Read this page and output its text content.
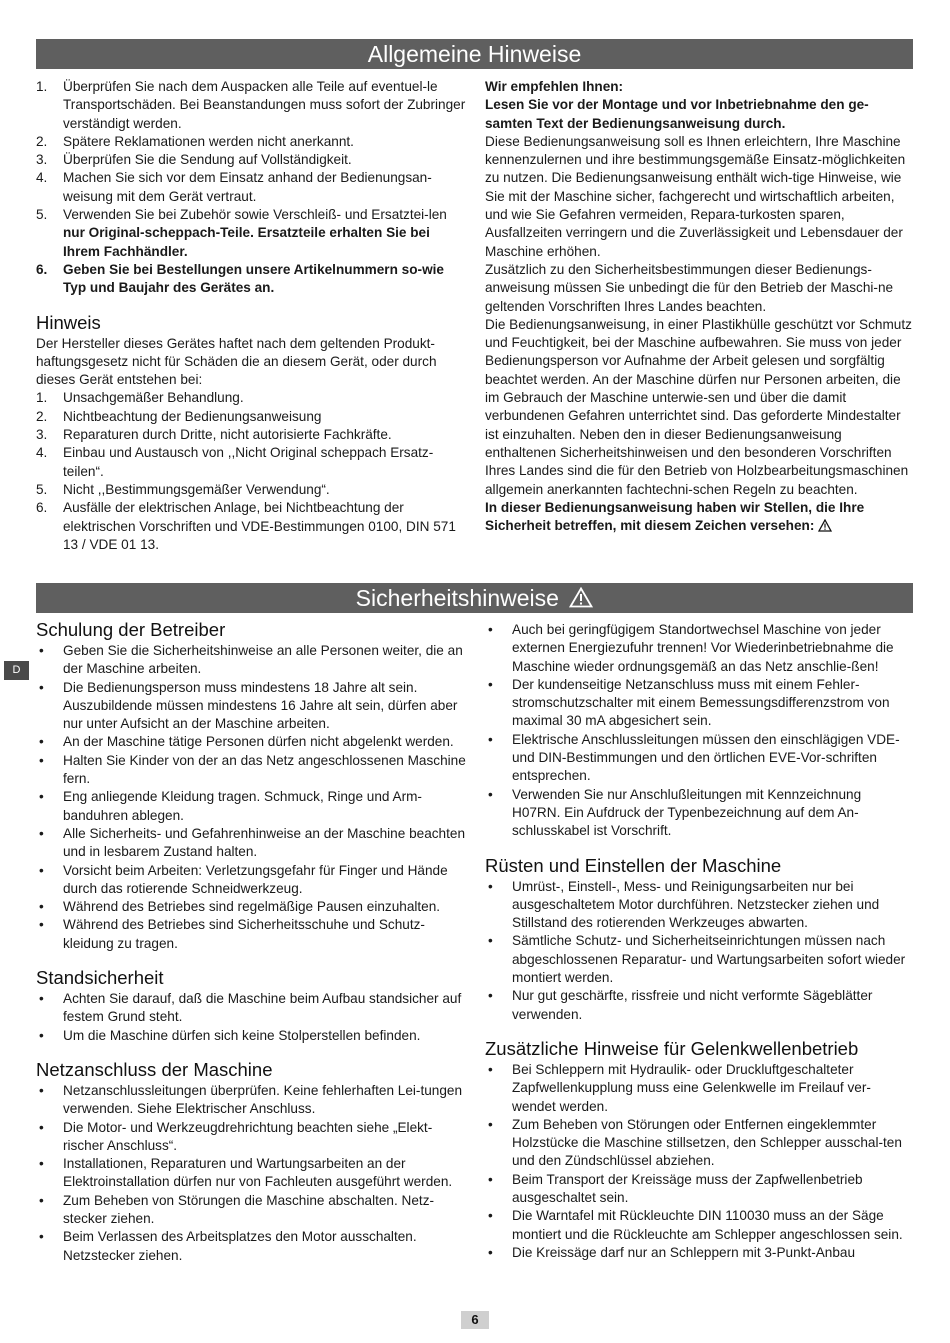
Allgemeine Hinweise
1. Überprüfen Sie nach dem Auspacken alle Teile auf eventuel-le Transportschäden. Bei Beanstandungen muss sofort der Zubringer verständigt werden.
2. Spätere Reklamationen werden nicht anerkannt.
3. Überprüfen Sie die Sendung auf Vollständigkeit.
4. Machen Sie sich vor dem Einsatz anhand der Bedienungsan-weisung mit dem Gerät vertraut.
5. Verwenden Sie bei Zubehör sowie Verschleiß- und Ersatztei-len nur Original-scheppach-Teile. Ersatzteile erhalten Sie bei Ihrem Fachhändler.
6. Geben Sie bei Bestellungen unsere Artikelnummern so-wie Typ und Baujahr des Gerätes an.
Hinweis

Der Hersteller dieses Gerätes haftet nach dem geltenden Produkt-haftungsgesetz nicht für Schäden die an diesem Gerät, oder durch dieses Gerät entstehen bei:

1. Unsachgemäßer Behandlung.
2. Nichtbeachtung der Bedienungsanweisung
3. Reparaturen durch Dritte, nicht autorisierte Fachkräfte.
4. Einbau und Austausch von ,,Nicht Original scheppach Ersatz-teilen“.
5. Nicht ,,Bestimmungsgemäßer Verwendung“.
6. Ausfälle der elektrischen Anlage, bei Nichtbeachtung der elektrischen Vorschriften und VDE-Bestimmungen 0100, DIN 571 13 / VDE 01 13.

Wir empfehlen Ihnen:

Lesen Sie vor der Montage und vor Inbetriebnahme den ge-samten Text der Bedienungsanweisung durch.

Diese Bedienungsanweisung soll es Ihnen erleichtern, Ihre Maschine kennenzulernen und ihre bestimmungsgemäße Einsatz-möglichkeiten zu nutzen. Die Bedienungsanweisung enthält wich-tige Hinweise, wie Sie mit der Maschine sicher, fachgerecht und wirtschaftlich arbeiten, und wie Sie Gefahren vermeiden, Repara-turkosten sparen, Ausfallzeiten verringern und die Zuverlässigkeit und Lebensdauer der Maschine erhöhen.

Zusätzlich zu den Sicherheitsbestimmungen dieser Bedienungs-anweisung müssen Sie unbedingt die für den Betrieb der Maschi-ne geltenden Vorschriften Ihres Landes beachten.

Die Bedienungsanweisung, in einer Plastikhülle geschützt vor Schmutz und Feuchtigkeit, bei der Maschine aufbewahren. Sie muss von jeder Bedienungsperson vor Aufnahme der Arbeit gelesen und sorgfältig beachtet werden. An der Maschine dürfen nur Personen arbeiten, die im Gebrauch der Maschine unterwie-sen und über die damit verbundenen Gefahren unterrichtet sind. Das geforderte Mindestalter ist einzuhalten. Neben den in dieser Bedienungsanweisung enthaltenen Sicherheitshinweisen und den besonderen Vorschriften Ihres Landes sind die für den Betrieb von Holzbearbeitungsmaschinen allgemein anerkannten fachtechni-schen Regeln zu beachten.

In dieser Bedienungsanweisung haben wir Stellen, die Ihre Sicherheit betreffen, mit diesem Zeichen versehen:

Sicherheitshinweise
D
Schulung der Betreiber
• Geben Sie die Sicherheitshinweise an alle Personen weiter, die an der Maschine arbeiten.
• Die Bedienungsperson muss mindestens 18 Jahre alt sein. Auszubildende müssen mindestens 16 Jahre alt sein, dürfen aber nur unter Aufsicht an der Maschine arbeiten.
• An der Maschine tätige Personen dürfen nicht abgelenkt werden.
• Halten Sie Kinder von der an das Netz angeschlossenen Maschine fern.
• Eng anliegende Kleidung tragen. Schmuck, Ringe und Arm-banduhren ablegen.
• Alle Sicherheits- und Gefahrenhinweise an der Maschine beachten und in lesbarem Zustand halten.
• Vorsicht beim Arbeiten: Verletzungsgefahr für Finger und Hände durch das rotierende Schneidwerkzeug.
• Während des Betriebes sind regelmäßige Pausen einzuhalten.
• Während des Betriebes sind Sicherheitsschuhe und Schutz-kleidung zu tragen.
Standsicherheit
• Achten Sie darauf, daß die Maschine beim Aufbau standsicher auf festem Grund steht.
• Um die Maschine dürfen sich keine Stolperstellen befinden.
Netzanschluss der Maschine
• Netzanschlussleitungen überprüfen. Keine fehlerhaften Lei-tungen verwenden. Siehe Elektrischer Anschluss.
• Die Motor- und Werkzeugdrehrichtung beachten siehe „Elekt-rischer Anschluss“.
• Installationen, Reparaturen und Wartungsarbeiten an der Elektroinstallation dürfen nur von Fachleuten ausgeführt werden.
• Zum Beheben von Störungen die Maschine abschalten. Netz-stecker ziehen.
• Beim Verlassen des Arbeitsplatzes den Motor ausschalten. Netzstecker ziehen.
• Auch bei geringfügigem Standortwechsel Maschine von jeder externen Energiezufuhr trennen! Vor Wiederinbetriebnahme die Maschine wieder ordnungsgemäß an das Netz anschlie-ßen!
• Der kundenseitige Netzanschluss muss mit einem Fehler-stromschutzschalter mit einem Bemessungsdifferenzstrom von maximal 30 mA abgesichert sein.
• Elektrische Anschlussleitungen müssen den einschlägigen VDE- und DIN-Bestimmungen und den örtlichen EVE-Vor-schriften entsprechen.
• Verwenden Sie nur Anschlußleitungen mit Kennzeichnung H07RN. Ein Aufdruck der Typenbezeichnung auf dem An-schlusskabel ist Vorschrift.
Rüsten und Einstellen der Maschine
• Umrüst-, Einstell-, Mess- und Reinigungsarbeiten nur bei ausgeschaltetem Motor durchführen. Netzstecker ziehen und Stillstand des rotierenden Werkzeuges abwarten.
• Sämtliche Schutz- und Sicherheitseinrichtungen müssen nach abgeschlossenen Reparatur- und Wartungsarbeiten sofort wieder montiert werden.
• Nur gut geschärfte, rissfreie und nicht verformte Sägeblätter verwenden.
Zusätzliche Hinweise für Gelenkwellenbetrieb
• Bei Schleppern mit Hydraulik- oder Druckluftgeschalteter Zapfwellenkupplung muss eine Gelenkwelle im Freilauf ver-wendet werden.
• Zum Beheben von Störungen oder Entfernen eingeklemmter Holzstücke die Maschine stillsetzen, den Schlepper ausschal-ten und den Zündschlüssel abziehen.
• Beim Transport der Kreissäge muss der Zapfwellenbetrieb ausgeschaltet sein.
• Die Warntafel mit Rückleuchte DIN 110030 muss an der Säge montiert und die Rückleuchte am Schlepper angeschlossen sein.
• Die Kreissäge darf nur an Schleppern mit 3-Punkt-Anbau
6
